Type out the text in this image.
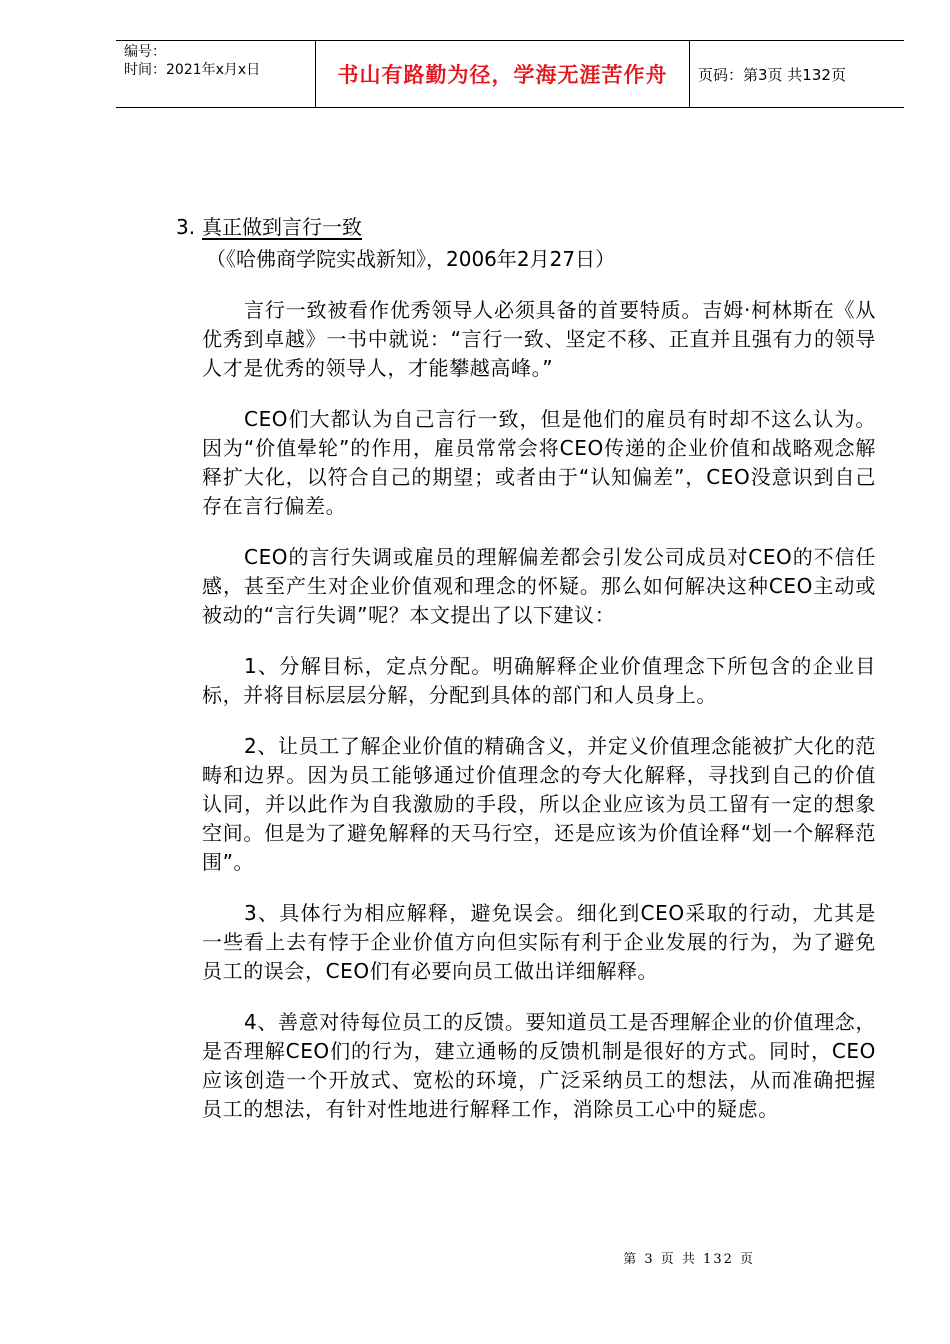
编号：
时间：2021年x月x日	书山有路勤为径，学海无涯苦作舟	页码：第3页 共132页
3. 真正做到言行一致
（《哈佛商学院实战新知》，2006年2月27日）

言行一致被看作优秀领导人必须具备的首要特质。吉姆·柯林斯在《从优秀到卓越》一书中就说：“言行一致、坚定不移、正直并且强有力的领导人才是优秀的领导人，才能攀越高峰。”

CEO们大都认为自己言行一致，但是他们的雇员有时却不这么认为。因为“价值晕轮”的作用，雇员常常会将CEO传递的企业价值和战略观念解释扩大化，以符合自己的期望；或者由于“认知偏差”，CEO没意识到自己存在言行偏差。

CEO的言行失调或雇员的理解偏差都会引发公司成员对CEO的不信任感，甚至产生对企业价值观和理念的怀疑。那么如何解决这种CEO主动或被动的“言行失调”呢？本文提出了以下建议：

1、分解目标，定点分配。明确解释企业价值理念下所包含的企业目标，并将目标层层分解，分配到具体的部门和人员身上。

2、让员工了解企业价值的精确含义，并定义价值理念能被扩大化的范畴和边界。因为员工能够通过价值理念的夸大化解释，寻找到自己的价值认同，并以此作为自我激励的手段，所以企业应该为员工留有一定的想象空间。但是为了避免解释的天马行空，还是应该为价值诠释“划一个解释范围”。

3、具体行为相应解释，避免误会。细化到CEO采取的行动，尤其是一些看上去有悖于企业价值方向但实际有利于企业发展的行为，为了避免员工的误会，CEO们有必要向员工做出详细解释。

4、善意对待每位员工的反馈。要知道员工是否理解企业的价值理念，是否理解CEO们的行为，建立通畅的反馈机制是很好的方式。同时，CEO应该创造一个开放式、宽松的环境，广泛采纳员工的想法，从而准确把握员工的想法，有针对性地进行解释工作，消除员工心中的疑虑。

第 3 页 共 132 页
